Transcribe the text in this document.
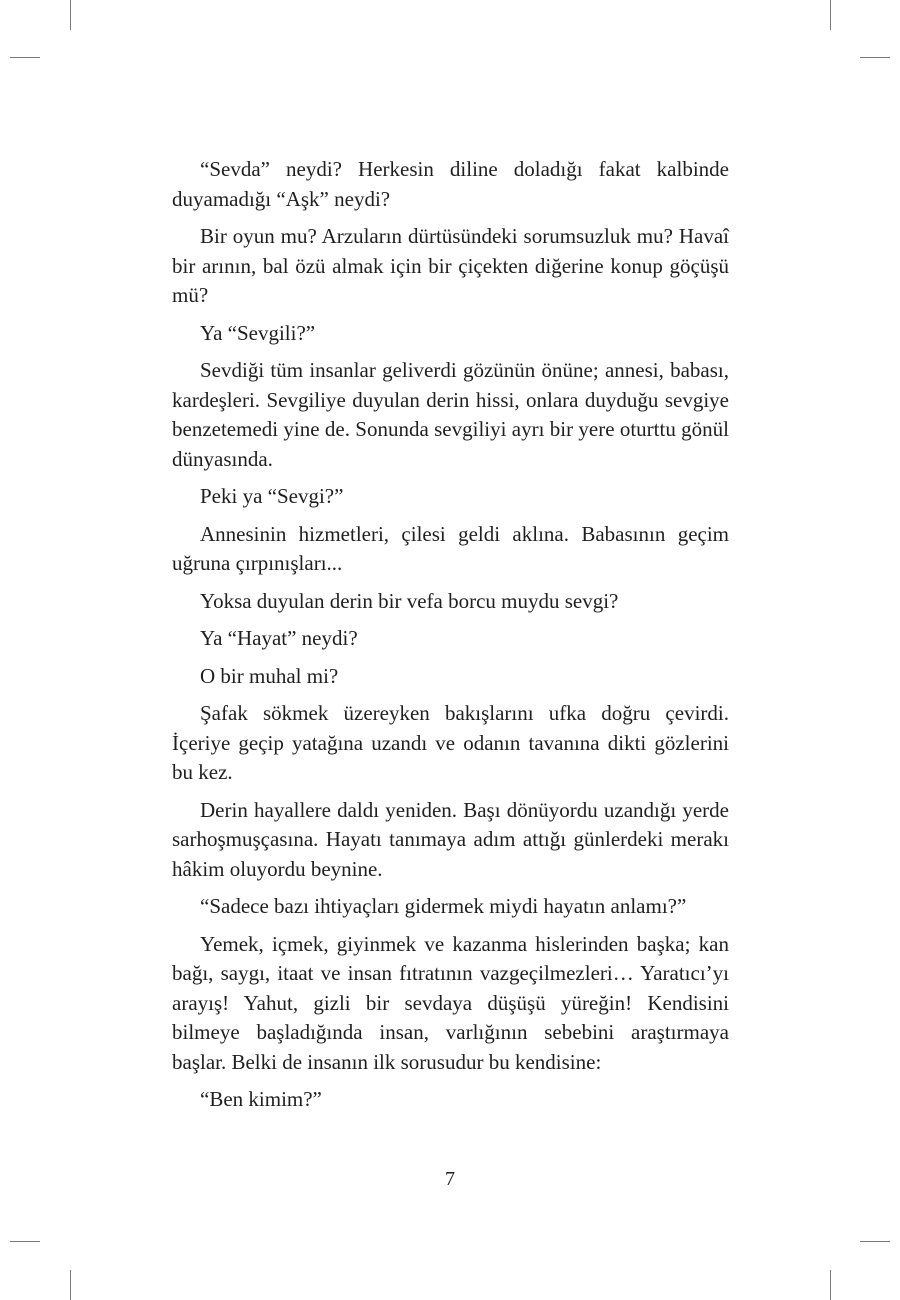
“Sevda” neydi? Herkesin diline doladığı fakat kalbinde duyamadığı “Aşk” neydi?

Bir oyun mu? Arzuların dürtüsündeki sorumsuzluk mu? Havaî bir arının, bal özü almak için bir çiçekten diğerine konup göçüşü mü?

Ya “Sevgili?”

Sevdiği tüm insanlar geliverdi gözünün önüne; annesi, babası, kardeşleri. Sevgiliye duyulan derin hissi, onlara duyduğu sevgiye benzetemedi yine de. Sonunda sevgiliyi ayrı bir yere oturttu gönül dünyasında.

Peki ya “Sevgi?”

Annesinin hizmetleri, çilesi geldi aklına. Babasının geçim uğruna çırpınışları...

Yoksa duyulan derin bir vefa borcu muydu sevgi?

Ya “Hayat” neydi?

O bir muhal mi?

Şafak sökmek üzereyken bakışlarını ufka doğru çevirdi. İçeriye geçip yatağına uzandı ve odanın tavanına dikti gözlerini bu kez.

Derin hayallere daldı yeniden. Başı dönüyordu uzandığı yerde sarhoşmuşçasına. Hayatı tanımaya adım attığı günlerdeki merakı hâkim oluyordu beynine.

“Sadece bazı ihtiyaçları gidermek miydi hayatın anlamı?”

Yemek, içmek, giyinmek ve kazanma hislerinden başka; kan bağı, saygı, itaat ve insan fıtratının vazgeçilmezleri… Yaratıcı’yı arayış! Yahut, gizli bir sevdaya düşüşü yüreğin! Kendisini bilmeye başladığında insan, varlığının sebebini araştırmaya başlar. Belki de insanın ilk sorusudur bu kendisine:

“Ben kimim?”

7
